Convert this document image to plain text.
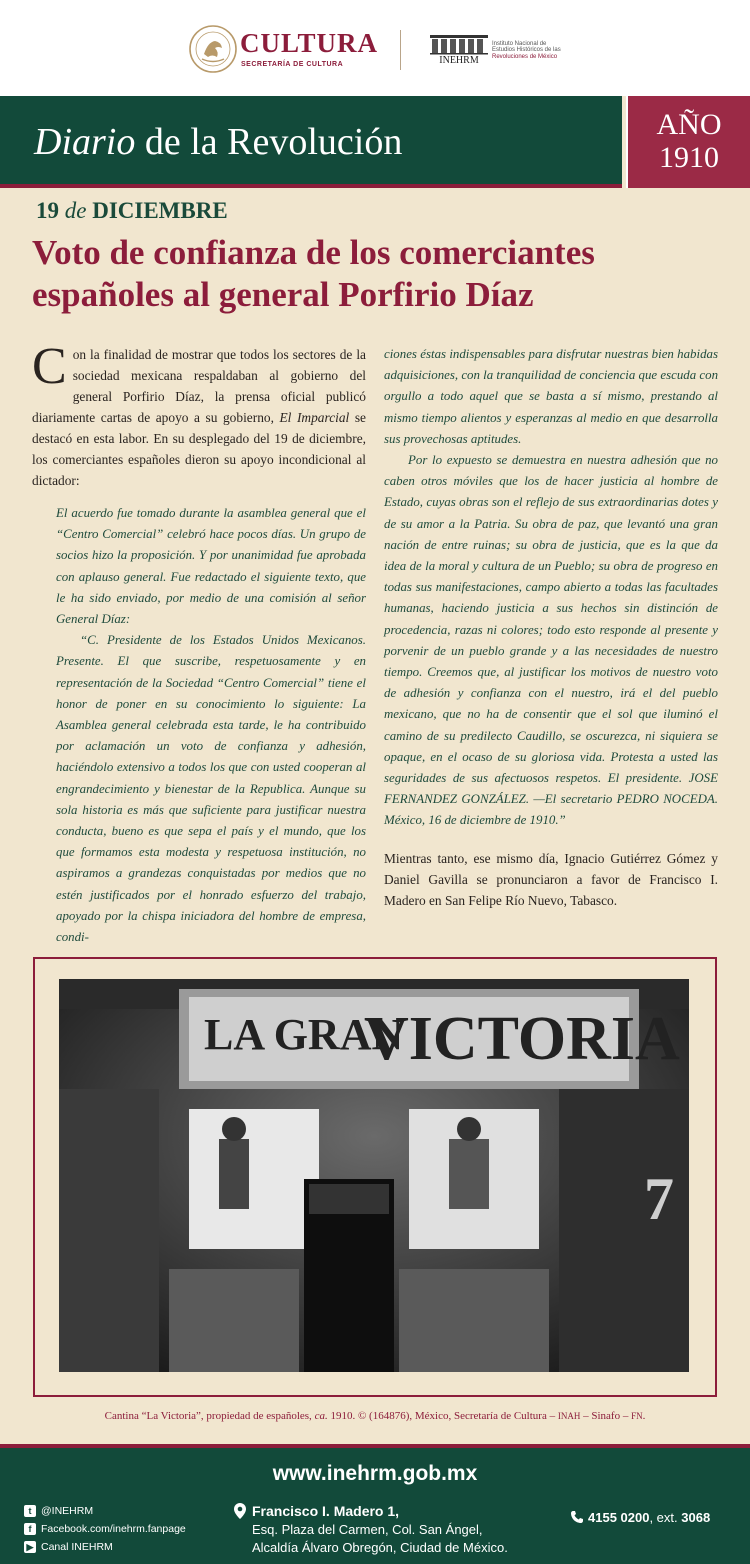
CULTURA
SECRETARÍA DE CULTURA	INEHRM
Instituto Nacional de
Estudios Históricos de las
Revoluciones de México
Diario de la Revolución	AÑO
1910
19 de DICIEMBRE
Voto de confianza de los comerciantes españoles al general Porfirio Díaz

Con la finalidad de mostrar que todos los sectores de la sociedad mexicana respaldaban al gobierno del general Porfirio Díaz, la prensa oficial publicó diariamente cartas de apoyo a su gobierno, El Imparcial se destacó en esta labor. En su desplegado del 19 de diciembre, los comerciantes españoles dieron su apoyo incondicional al dictador:

El acuerdo fue tomado durante la asamblea general que el “Centro Comercial” celebró hace pocos días. Un grupo de socios hizo la proposición. Y por unanimidad fue aprobada con aplauso general. Fue redactado el siguiente texto, que le ha sido enviado, por medio de una comisión al señor General Díaz:

“C. Presidente de los Estados Unidos Mexicanos. Presente. El que suscribe, respetuosamente y en representación de la Sociedad “Centro Comercial” tiene el honor de poner en su conocimiento lo siguiente: La Asamblea general celebrada esta tarde, le ha contribuido por aclamación un voto de confianza y adhesión, haciéndolo extensivo a todos los que con usted cooperan al engrandecimiento y bienestar de la Republica. Aunque su sola historia es más que suficiente para justificar nuestra conducta, bueno es que sepa el país y el mundo, que los que formamos esta modesta y respetuosa institución, no aspiramos a grandezas conquistadas por medios que no estén justificados por el honrado esfuerzo del trabajo, apoyado por la chispa iniciadora del hombre de empresa, condi-

ciones éstas indispensables para disfrutar nuestras bien habidas adquisiciones, con la tranquilidad de conciencia que escuda con orgullo a todo aquel que se basta a sí mismo, prestando al mismo tiempo alientos y esperanzas al medio en que desarrolla sus provechosas aptitudes.

Por lo expuesto se demuestra en nuestra adhesión que no caben otros móviles que los de hacer justicia al hombre de Estado, cuyas obras son el reflejo de sus extraordinarias dotes y de su amor a la Patria. Su obra de paz, que levantó una gran nación de entre ruinas; su obra de justicia, que es la que da idea de la moral y cultura de un Pueblo; su obra de progreso en todas sus manifestaciones, campo abierto a todas las facultades humanas, haciendo justicia a sus hechos sin distinción de procedencia, razas ni colores; todo esto responde al presente y porvenir de un pueblo grande y a las necesidades de nuestro tiempo. Creemos que, al justificar los motivos de nuestro voto de adhesión y confianza con el nuestro, irá el del pueblo mexicano, que no ha de consentir que el sol que iluminó el camino de su predilecto Caudillo, se oscurezca, ni siquiera se opaque, en el ocaso de su gloriosa vida. Protesta a usted las seguridades de sus afectuosos respetos. El presidente. JOSE FERNANDEZ GONZÁLEZ. —El secretario PEDRO NOCEDA. México, 16 de diciembre de 1910.”

Mientras tanto, ese mismo día, Ignacio Gutiérrez Gómez y Daniel Gavilla se pronunciaron a favor de Francisco I. Madero en San Felipe Río Nuevo, Tabasco.

LA GRAN
VICTORIA
7
Cantina “La Victoria”, propiedad de españoles, ca. 1910. © (164876), México, Secretaría de Cultura – INAH – Sinafo – FN.
www.inehrm.gob.mx
t @INEHRM
f Facebook.com/inehrm.fanpage
▶ Canal INEHRM
Francisco I. Madero 1,
Esq. Plaza del Carmen, Col. San Ángel,
Alcaldía Álvaro Obregón, Ciudad de México.
4155 0200, ext. 3068
